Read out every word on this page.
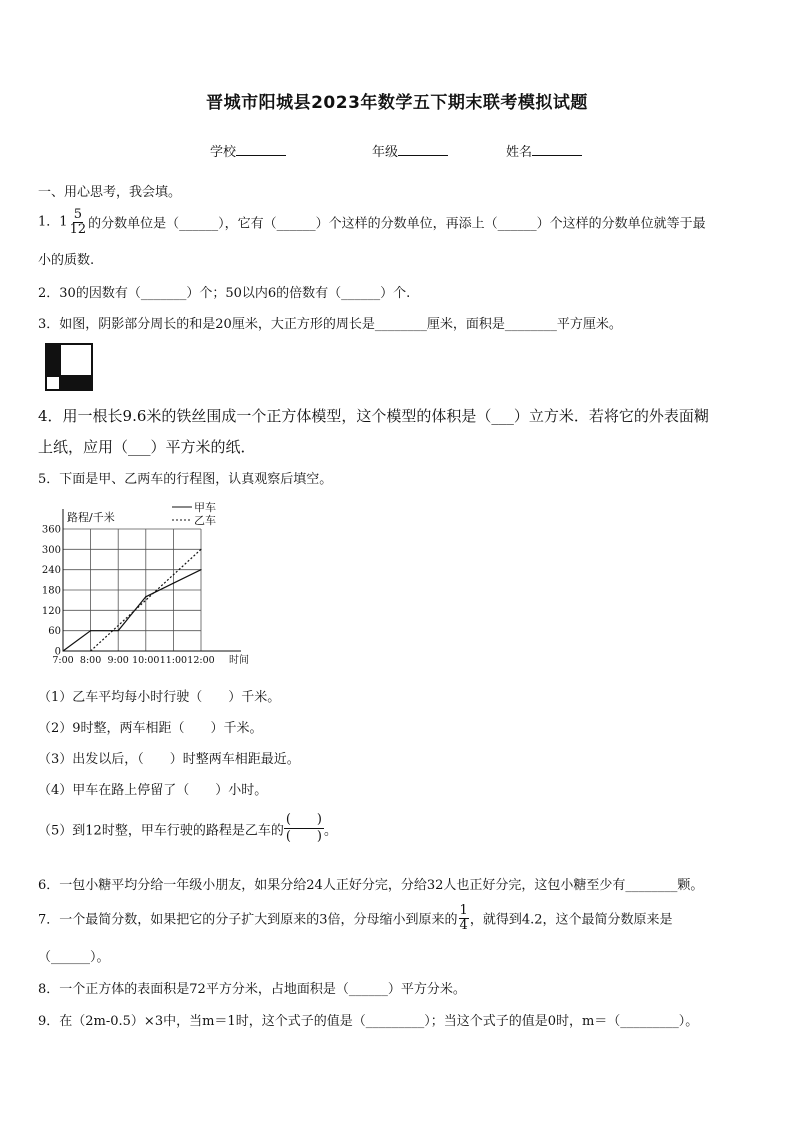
晋城市阳城县2023年数学五下期末联考模拟试题
学校	年级	姓名
一、用心思考，我会填。
1．$1 \frac{5}{12}$ 的分数单位是（______），它有（______）个这样的分数单位，再添上（______）个这样的分数单位就等于最
小的质数.
2．30的因数有（_______）个；50以内6的倍数有（______）个.
3．如图，阴影部分周长的和是20厘米，大正方形的周长是________厘米，面积是________平方厘米。
4．用一根长9.6米的铁丝围成一个正方体模型，这个模型的体积是（___）立方米．若将它的外表面糊
上纸，应用（___）平方米的纸．
5．下面是甲、乙两车的行程图，认真观察后填空。
0
60
120
180
240
300
360
7:00 8:00 9:00 10:00 11:00 12:00 时间
路程/千米
甲车
乙车
（1）乙车平均每小时行驶（　　）千米。
（2）9时整，两车相距（　　）千米。
（3）出发以后，（　　）时整两车相距最近。
（4）甲车在路上停留了（　　）小时。
（5）到12时整，甲车行驶的路程是乙车的 $\frac{( )}{( )}$ 。
6．一包小糖平均分给一年级小朋友，如果分给24人正好分完，分给32人也正好分完，这包小糖至少有________颗。
7．一个最简分数，如果把它的分子扩大到原来的3倍，分母缩小到原来的 $\frac{1}{4}$ ，就得到4.2，这个最简分数原来是
（______）。
8．一个正方体的表面积是72平方分米，占地面积是（______）平方分米。
9．在（2m-0.5）×3中，当m＝1时，这个式子的值是（_________）；当这个式子的值是0时，m＝（_________）。
